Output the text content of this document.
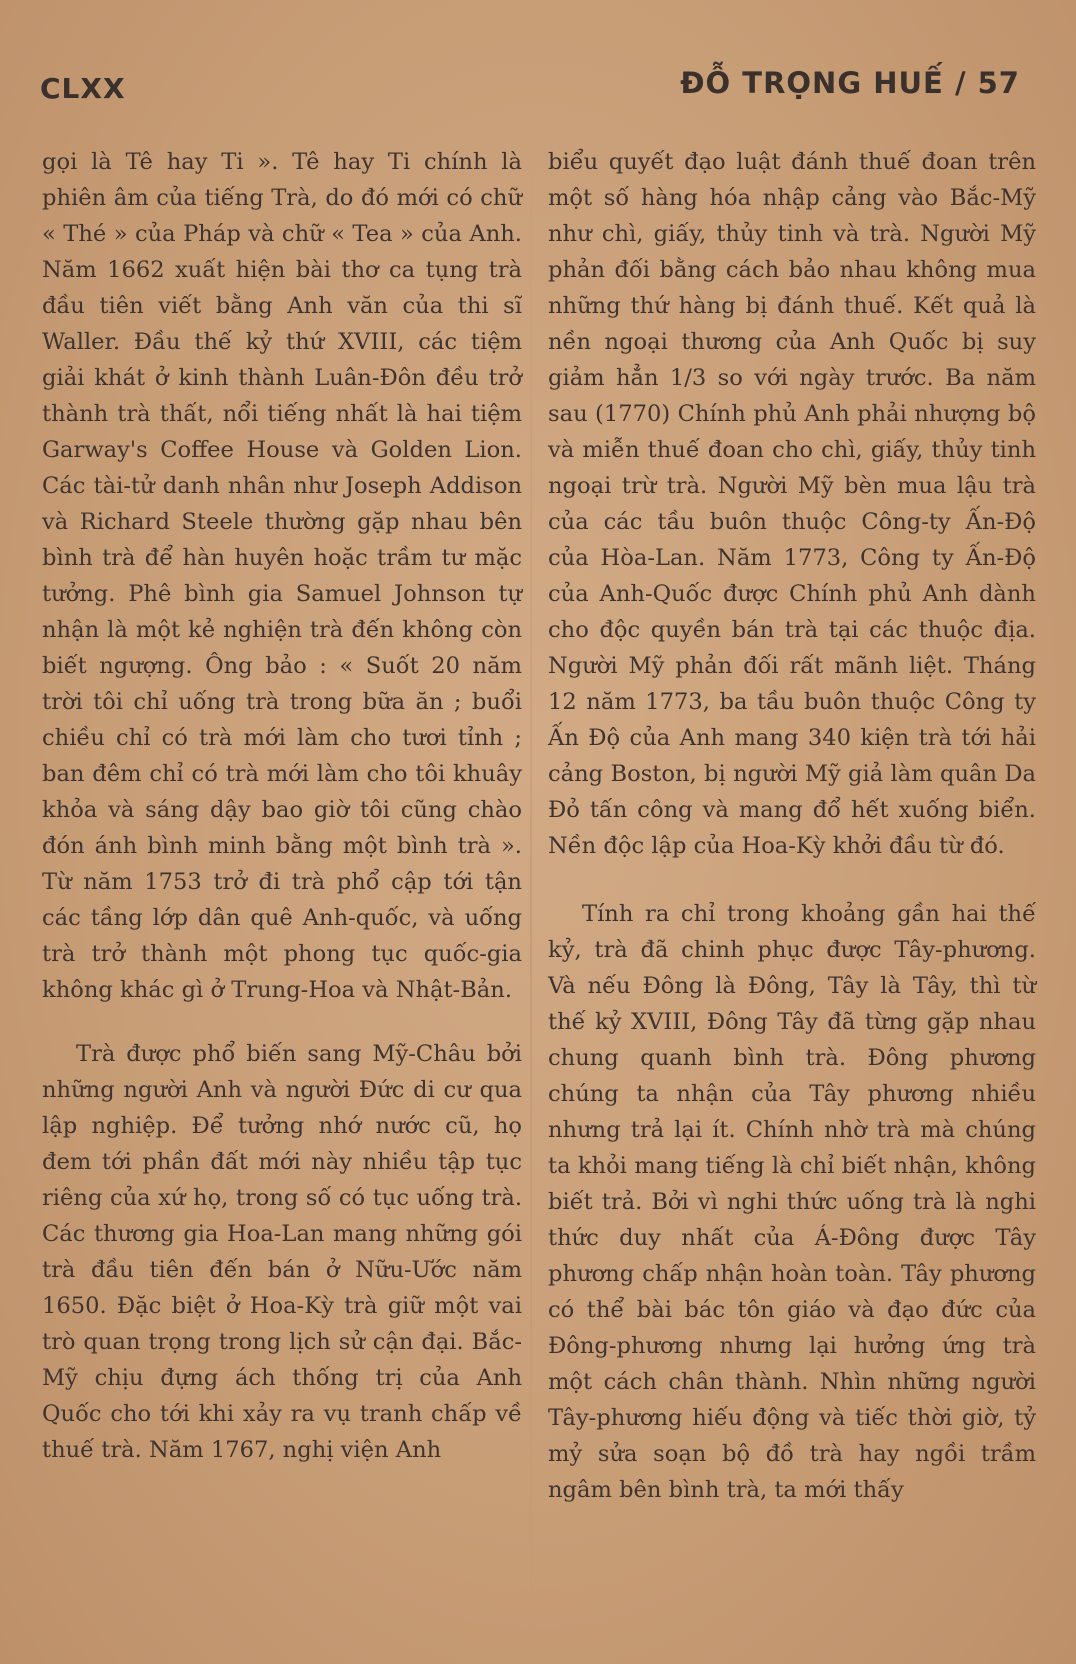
CLXX	ĐỖ TRỌNG HUẾ / 57

gọi là Tê hay Ti ». Tê hay Ti chính là phiên âm của tiếng Trà, do đó mới có chữ « Thé » của Pháp và chữ « Tea » của Anh. Năm 1662 xuất hiện bài thơ ca tụng trà đầu tiên viết bằng Anh văn của thi sĩ Waller. Đầu thế kỷ thứ XVIII, các tiệm giải khát ở kinh thành Luân-Đôn đều trở thành trà thất, nổi tiếng nhất là hai tiệm Garway's Coffee House và Golden Lion. Các tài-tử danh nhân như Joseph Addison và Richard Steele thường gặp nhau bên bình trà để hàn huyên hoặc trầm tư mặc tưởng. Phê bình gia Samuel Johnson tự nhận là một kẻ nghiện trà đến không còn biết ngượng. Ông bảo : « Suốt 20 năm trời tôi chỉ uống trà trong bữa ăn ; buổi chiều chỉ có trà mới làm cho tươi tỉnh ; ban đêm chỉ có trà mới làm cho tôi khuây khỏa và sáng dậy bao giờ tôi cũng chào đón ánh bình minh bằng một bình trà ». Từ năm 1753 trở đi trà phổ cập tới tận các tầng lớp dân quê Anh-quốc, và uống trà trở thành một phong tục quốc-gia không khác gì ở Trung-Hoa và Nhật-Bản.

Trà được phổ biến sang Mỹ-Châu bởi những người Anh và người Đức di cư qua lập nghiệp. Để tưởng nhớ nước cũ, họ đem tới phần đất mới này nhiều tập tục riêng của xứ họ, trong số có tục uống trà. Các thương gia Hoa-Lan mang những gói trà đầu tiên đến bán ở Nữu-Ước năm 1650. Đặc biệt ở Hoa-Kỳ trà giữ một vai trò quan trọng trong lịch sử cận đại. Bắc-Mỹ chịu đựng ách thống trị của Anh Quốc cho tới khi xảy ra vụ tranh chấp về thuế trà. Năm 1767, nghị viện Anh

biểu quyết đạo luật đánh thuế đoan trên một số hàng hóa nhập cảng vào Bắc-Mỹ như chì, giấy, thủy tinh và trà. Người Mỹ phản đối bằng cách bảo nhau không mua những thứ hàng bị đánh thuế. Kết quả là nền ngoại thương của Anh Quốc bị suy giảm hẳn 1/3 so với ngày trước. Ba năm sau (1770) Chính phủ Anh phải nhượng bộ và miễn thuế đoan cho chì, giấy, thủy tinh ngoại trừ trà. Người Mỹ bèn mua lậu trà của các tầu buôn thuộc Công-ty Ấn-Độ của Hòa-Lan. Năm 1773, Công ty Ấn-Độ của Anh-Quốc được Chính phủ Anh dành cho độc quyền bán trà tại các thuộc địa. Người Mỹ phản đối rất mãnh liệt. Tháng 12 năm 1773, ba tầu buôn thuộc Công ty Ấn Độ của Anh mang 340 kiện trà tới hải cảng Boston, bị người Mỹ giả làm quân Da Đỏ tấn công và mang đổ hết xuống biển. Nền độc lập của Hoa-Kỳ khởi đầu từ đó.

Tính ra chỉ trong khoảng gần hai thế kỷ, trà đã chinh phục được Tây-phương. Và nếu Đông là Đông, Tây là Tây, thì từ thế kỷ XVIII, Đông Tây đã từng gặp nhau chung quanh bình trà. Đông phương chúng ta nhận của Tây phương nhiều nhưng trả lại ít. Chính nhờ trà mà chúng ta khỏi mang tiếng là chỉ biết nhận, không biết trả. Bởi vì nghi thức uống trà là nghi thức duy nhất của Á-Đông được Tây phương chấp nhận hoàn toàn. Tây phương có thể bài bác tôn giáo và đạo đức của Đông-phương nhưng lại hưởng ứng trà một cách chân thành. Nhìn những người Tây-phương hiếu động và tiếc thời giờ, tỷ mỷ sửa soạn bộ đồ trà hay ngồi trầm ngâm bên bình trà, ta mới thấy
